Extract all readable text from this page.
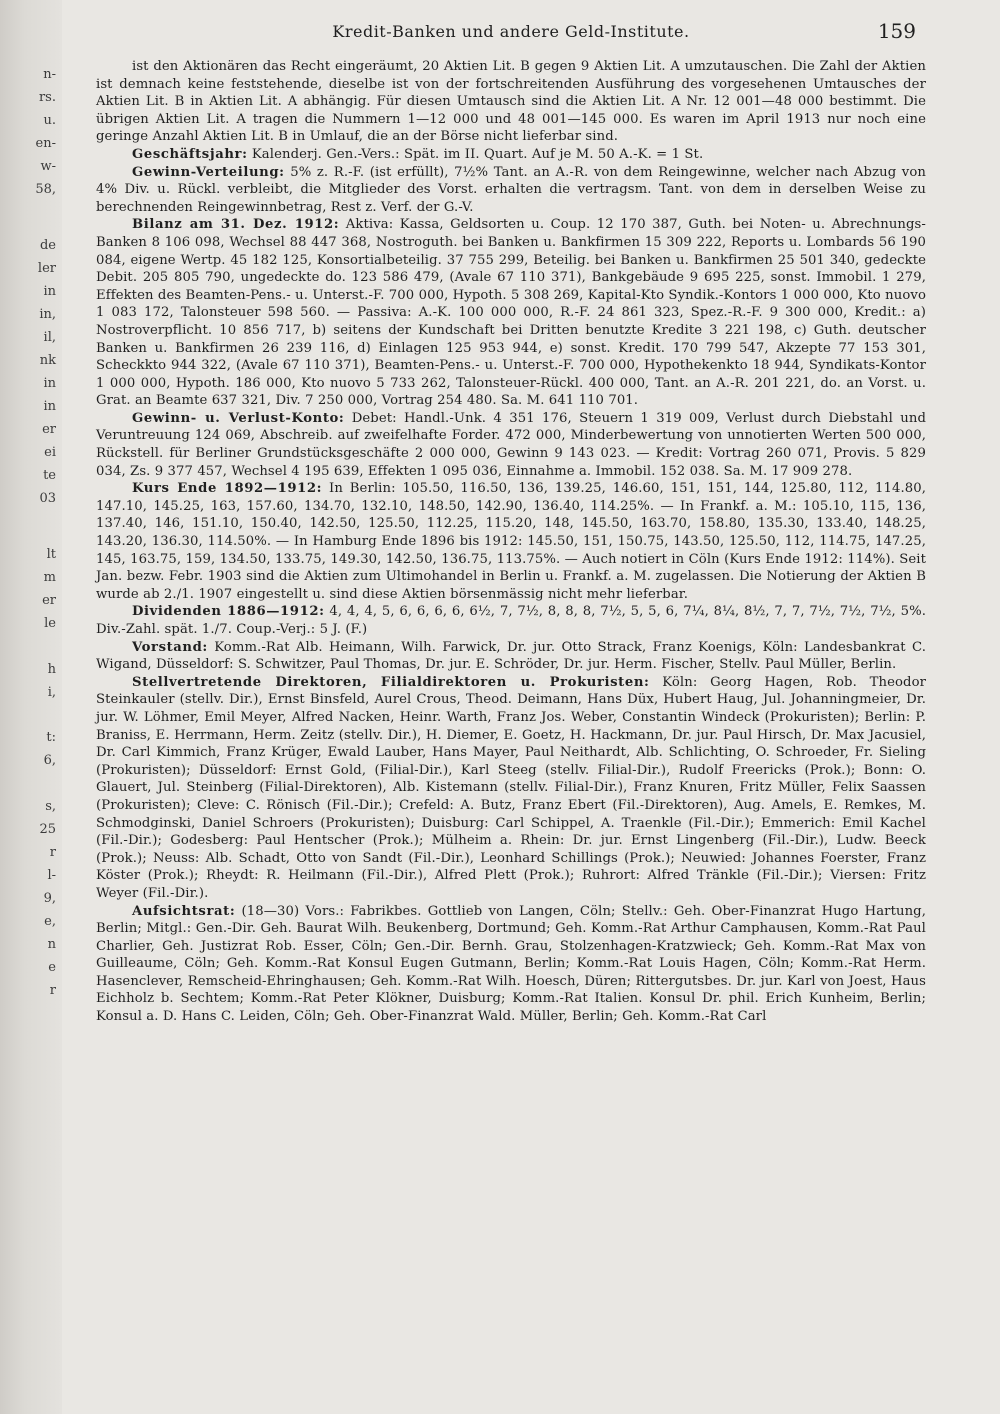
n-
rs.
u.
en-
w-
58,
de
ler
in
in,
il,
nk
in
in
er
ei
te
03
lt
m
er
le
h
i,
t:
6,
s,
25
r
l-
9,
e,
n
e
r
Kredit-Banken und andere Geld-Institute.	159

ist den Aktionären das Recht eingeräumt, 20 Aktien Lit. B gegen 9 Aktien Lit. A umzutauschen. Die Zahl der Aktien ist demnach keine feststehende, dieselbe ist von der fortschreitenden Ausführung des vorgesehenen Umtausches der Aktien Lit. B in Aktien Lit. A abhängig. Für diesen Umtausch sind die Aktien Lit. A Nr. 12 001—48 000 bestimmt. Die übrigen Aktien Lit. A tragen die Nummern 1—12 000 und 48 001—145 000. Es waren im April 1913 nur noch eine geringe Anzahl Aktien Lit. B in Umlauf, die an der Börse nicht lieferbar sind.

Geschäftsjahr: Kalenderj. Gen.-Vers.: Spät. im II. Quart. Auf je M. 50 A.-K. = 1 St.

Gewinn-Verteilung: 5% z. R.-F. (ist erfüllt), 7½% Tant. an A.-R. von dem Reingewinne, welcher nach Abzug von 4% Div. u. Rückl. verbleibt, die Mitglieder des Vorst. erhalten die vertragsm. Tant. von dem in derselben Weise zu berechnenden Reingewinnbetrag, Rest z. Verf. der G.-V.

Bilanz am 31. Dez. 1912: Aktiva: Kassa, Geldsorten u. Coup. 12 170 387, Guth. bei Noten- u. Abrechnungs-Banken 8 106 098, Wechsel 88 447 368, Nostroguth. bei Banken u. Bankfirmen 15 309 222, Reports u. Lombards 56 190 084, eigene Wertp. 45 182 125, Konsortialbeteilig. 37 755 299, Beteilig. bei Banken u. Bankfirmen 25 501 340, gedeckte Debit. 205 805 790, ungedeckte do. 123 586 479, (Avale 67 110 371), Bankgebäude 9 695 225, sonst. Immobil. 1 279, Effekten des Beamten-Pens.- u. Unterst.-F. 700 000, Hypoth. 5 308 269, Kapital-Kto Syndik.-Kontors 1 000 000, Kto nuovo 1 083 172, Talonsteuer 598 560. — Passiva: A.-K. 100 000 000, R.-F. 24 861 323, Spez.-R.-F. 9 300 000, Kredit.: a) Nostroverpflicht. 10 856 717, b) seitens der Kundschaft bei Dritten benutzte Kredite 3 221 198, c) Guth. deutscher Banken u. Bankfirmen 26 239 116, d) Einlagen 125 953 944, e) sonst. Kredit. 170 799 547, Akzepte 77 153 301, Scheckkto 944 322, (Avale 67 110 371), Beamten-Pens.- u. Unterst.-F. 700 000, Hypothekenkto 18 944, Syndikats-Kontor 1 000 000, Hypoth. 186 000, Kto nuovo 5 733 262, Talonsteuer-Rückl. 400 000, Tant. an A.-R. 201 221, do. an Vorst. u. Grat. an Beamte 637 321, Div. 7 250 000, Vortrag 254 480. Sa. M. 641 110 701.

Gewinn- u. Verlust-Konto: Debet: Handl.-Unk. 4 351 176, Steuern 1 319 009, Verlust durch Diebstahl und Veruntreuung 124 069, Abschreib. auf zweifelhafte Forder. 472 000, Minderbewertung von unnotierten Werten 500 000, Rückstell. für Berliner Grundstücksgeschäfte 2 000 000, Gewinn 9 143 023. — Kredit: Vortrag 260 071, Provis. 5 829 034, Zs. 9 377 457, Wechsel 4 195 639, Effekten 1 095 036, Einnahme a. Immobil. 152 038. Sa. M. 17 909 278.

Kurs Ende 1892—1912: In Berlin: 105.50, 116.50, 136, 139.25, 146.60, 151, 151, 144, 125.80, 112, 114.80, 147.10, 145.25, 163, 157.60, 134.70, 132.10, 148.50, 142.90, 136.40, 114.25%. — In Frankf. a. M.: 105.10, 115, 136, 137.40, 146, 151.10, 150.40, 142.50, 125.50, 112.25, 115.20, 148, 145.50, 163.70, 158.80, 135.30, 133.40, 148.25, 143.20, 136.30, 114.50%. — In Hamburg Ende 1896 bis 1912: 145.50, 151, 150.75, 143.50, 125.50, 112, 114.75, 147.25, 145, 163.75, 159, 134.50, 133.75, 149.30, 142.50, 136.75, 113.75%. — Auch notiert in Cöln (Kurs Ende 1912: 114%). Seit Jan. bezw. Febr. 1903 sind die Aktien zum Ultimohandel in Berlin u. Frankf. a. M. zugelassen. Die Notierung der Aktien B wurde ab 2./1. 1907 eingestellt u. sind diese Aktien börsenmässig nicht mehr lieferbar.

Dividenden 1886—1912: 4, 4, 4, 5, 6, 6, 6, 6, 6½, 7, 7½, 8, 8, 8, 7½, 5, 5, 6, 7¼, 8¼, 8½, 7, 7, 7½, 7½, 7½, 5%. Div.-Zahl. spät. 1./7. Coup.-Verj.: 5 J. (F.)

Vorstand: Komm.-Rat Alb. Heimann, Wilh. Farwick, Dr. jur. Otto Strack, Franz Koenigs, Köln: Landesbankrat C. Wigand, Düsseldorf: S. Schwitzer, Paul Thomas, Dr. jur. E. Schröder, Dr. jur. Herm. Fischer, Stellv. Paul Müller, Berlin.

Stellvertretende Direktoren, Filialdirektoren u. Prokuristen: Köln: Georg Hagen, Rob. Theodor Steinkauler (stellv. Dir.), Ernst Binsfeld, Aurel Crous, Theod. Deimann, Hans Düx, Hubert Haug, Jul. Johanningmeier, Dr. jur. W. Löhmer, Emil Meyer, Alfred Nacken, Heinr. Warth, Franz Jos. Weber, Constantin Windeck (Prokuristen); Berlin: P. Braniss, E. Herrmann, Herm. Zeitz (stellv. Dir.), H. Diemer, E. Goetz, H. Hackmann, Dr. jur. Paul Hirsch, Dr. Max Jacusiel, Dr. Carl Kimmich, Franz Krüger, Ewald Lauber, Hans Mayer, Paul Neithardt, Alb. Schlichting, O. Schroeder, Fr. Sieling (Prokuristen); Düsseldorf: Ernst Gold, (Filial-Dir.), Karl Steeg (stellv. Filial-Dir.), Rudolf Freericks (Prok.); Bonn: O. Glauert, Jul. Steinberg (Filial-Direktoren), Alb. Kistemann (stellv. Filial-Dir.), Franz Knuren, Fritz Müller, Felix Saassen (Prokuristen); Cleve: C. Rönisch (Fil.-Dir.); Crefeld: A. Butz, Franz Ebert (Fil.-Direktoren), Aug. Amels, E. Remkes, M. Schmodginski, Daniel Schroers (Prokuristen); Duisburg: Carl Schippel, A. Traenkle (Fil.-Dir.); Emmerich: Emil Kachel (Fil.-Dir.); Godesberg: Paul Hentscher (Prok.); Mülheim a. Rhein: Dr. jur. Ernst Lingenberg (Fil.-Dir.), Ludw. Beeck (Prok.); Neuss: Alb. Schadt, Otto von Sandt (Fil.-Dir.), Leonhard Schillings (Prok.); Neuwied: Johannes Foerster, Franz Köster (Prok.); Rheydt: R. Heilmann (Fil.-Dir.), Alfred Plett (Prok.); Ruhrort: Alfred Tränkle (Fil.-Dir.); Viersen: Fritz Weyer (Fil.-Dir.).

Aufsichtsrat: (18—30) Vors.: Fabrikbes. Gottlieb von Langen, Cöln; Stellv.: Geh. Ober-Finanzrat Hugo Hartung, Berlin; Mitgl.: Gen.-Dir. Geh. Baurat Wilh. Beukenberg, Dortmund; Geh. Komm.-Rat Arthur Camphausen, Komm.-Rat Paul Charlier, Geh. Justizrat Rob. Esser, Cöln; Gen.-Dir. Bernh. Grau, Stolzenhagen-Kratzwieck; Geh. Komm.-Rat Max von Guilleaume, Cöln; Geh. Komm.-Rat Konsul Eugen Gutmann, Berlin; Komm.-Rat Louis Hagen, Cöln; Komm.-Rat Herm. Hasenclever, Remscheid-Ehringhausen; Geh. Komm.-Rat Wilh. Hoesch, Düren; Rittergutsbes. Dr. jur. Karl von Joest, Haus Eichholz b. Sechtem; Komm.-Rat Peter Klökner, Duisburg; Komm.-Rat Italien. Konsul Dr. phil. Erich Kunheim, Berlin; Konsul a. D. Hans C. Leiden, Cöln; Geh. Ober-Finanzrat Wald. Müller, Berlin; Geh. Komm.-Rat Carl
